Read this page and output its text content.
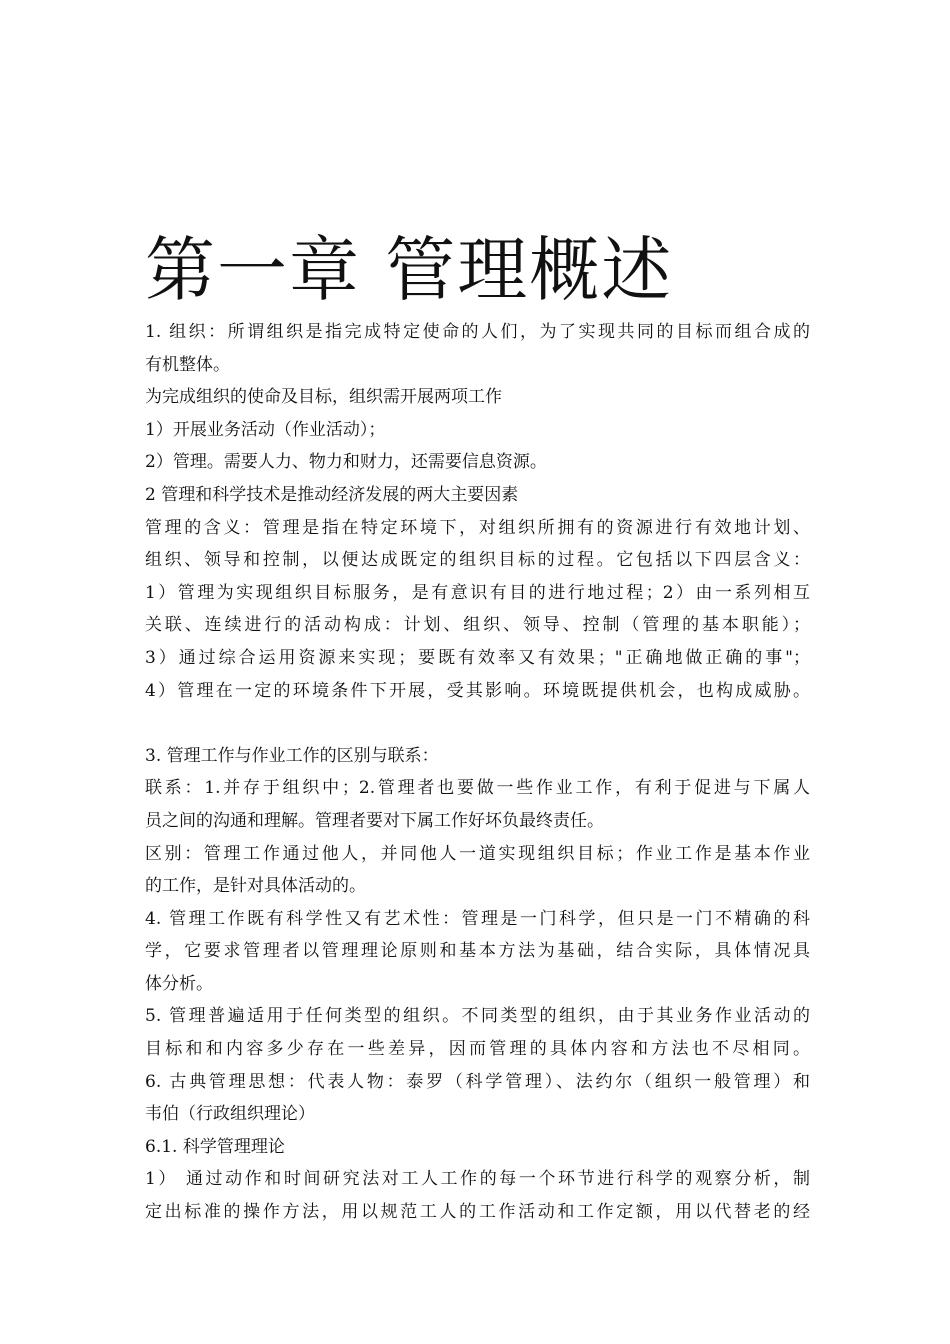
第一章 管理概述

1. 组织：所谓组织是指完成特定使命的人们，为了实现共同的目标而组合成的

有机整体。

为完成组织的使命及目标，组织需开展两项工作

1）开展业务活动（作业活动）；

2）管理。需要人力、物力和财力，还需要信息资源。

2 管理和科学技术是推动经济发展的两大主要因素

管理的含义：管理是指在特定环境下，对组织所拥有的资源进行有效地计划、

组织、领导和控制，以便达成既定的组织目标的过程。它包括以下四层含义：

1）管理为实现组织目标服务，是有意识有目的进行地过程；2）由一系列相互

关联、连续进行的活动构成：计划、组织、领导、控制（管理的基本职能）；

3）通过综合运用资源来实现；要既有效率又有效果；"正确地做正确的事"；

4）管理在一定的环境条件下开展，受其影响。环境既提供机会，也构成威胁。

3. 管理工作与作业工作的区别与联系：

联系：1.并存于组织中；2.管理者也要做一些作业工作，有利于促进与下属人

员之间的沟通和理解。管理者要对下属工作好坏负最终责任。

区别：管理工作通过他人，并同他人一道实现组织目标；作业工作是基本作业

的工作，是针对具体活动的。

4. 管理工作既有科学性又有艺术性：管理是一门科学，但只是一门不精确的科

学，它要求管理者以管理理论原则和基本方法为基础，结合实际，具体情况具

体分析。

5. 管理普遍适用于任何类型的组织。不同类型的组织，由于其业务作业活动的

目标和和内容多少存在一些差异，因而管理的具体内容和方法也不尽相同。

6. 古典管理思想：代表人物：泰罗（科学管理）、法约尔（组织一般管理）和

韦伯（行政组织理论）

6.1. 科学管理理论

1） 通过动作和时间研究法对工人工作的每一个环节进行科学的观察分析，制

定出标准的操作方法，用以规范工人的工作活动和工作定额，用以代替老的经
